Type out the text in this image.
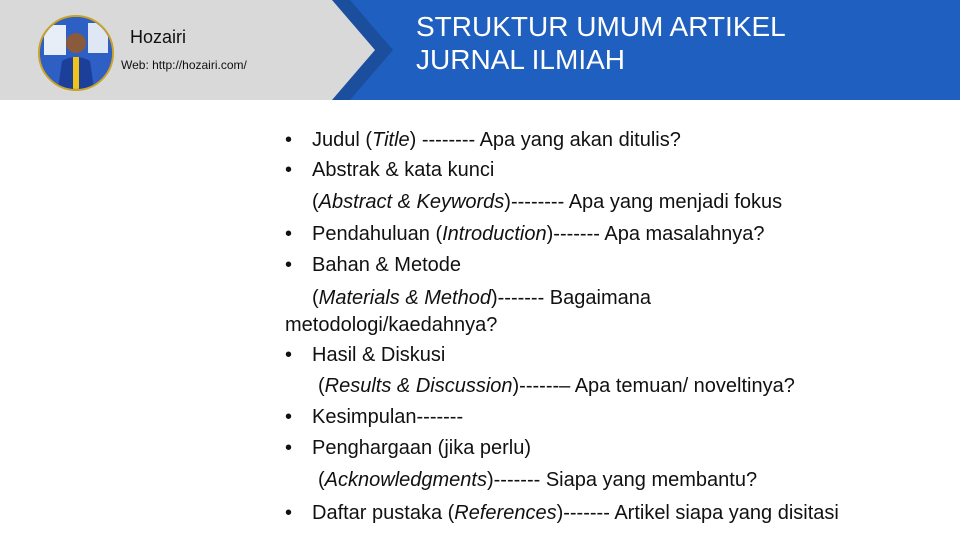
Hozairi
Web: http://hozairi.com/
STRUKTUR UMUM ARTIKEL
JURNAL ILMIAH
• Judul (Title) -------- Apa yang akan ditulis?
• Abstrak & kata kunci
(Abstract & Keywords)-------- Apa yang menjadi fokus
• Pendahuluan (Introduction)------- Apa masalahnya?
• Bahan & Metode
(Materials & Method)------- Bagaimana
metodologi/kaedahnya?
• Hasil & Diskusi
(Results & Discussion)------– Apa temuan/ noveltinya?
• Kesimpulan-------
• Penghargaan (jika perlu)
(Acknowledgments)------- Siapa yang membantu?
• Daftar pustaka (References)------- Artikel siapa yang disitasi
